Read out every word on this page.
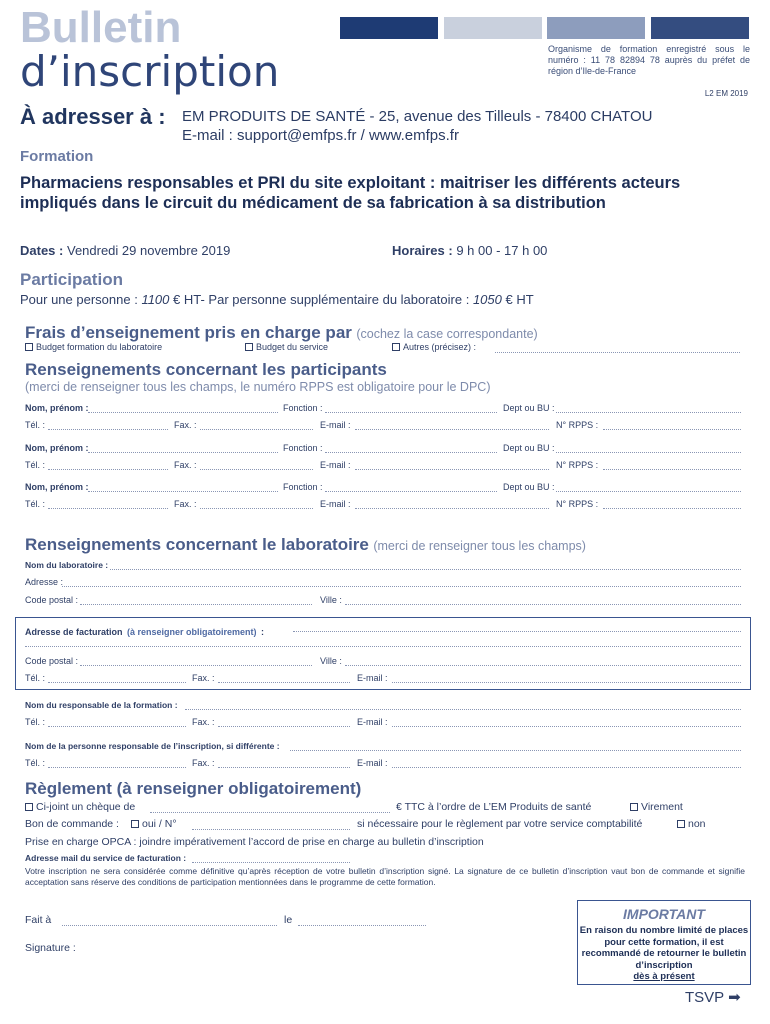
Bulletin
d’inscription	Organisme de formation enregistré sous le numéro : 11 78 82894 78 auprès du préfet de région d’Ile-de-France
L2 EM 2019
À adresser à : EM PRODUITS DE SANTÉ - 25, avenue des Tilleuls - 78400 CHATOU
E-mail : support@emfps.fr / www.emfps.fr
Formation
Pharmaciens responsables et PRI du site exploitant : maitriser les différents acteurs impliqués dans le circuit du médicament de sa fabrication à sa distribution
Dates : Vendredi 29 novembre 2019	Horaires : 9 h 00 - 17 h 00
Participation
Pour une personne : 1100 € HT- Par personne supplémentaire du laboratoire : 1050 € HT
Frais d’enseignement pris en charge par (cochez la case correspondante)
Budget formation du laboratoire	Budget du service	Autres (précisez) :
Renseignements concernant les participants
(merci de renseigner tous les champs, le numéro RPPS est obligatoire pour le DPC)
Nom, prénom :	Fonction :	Dept ou BU :
Tél. :	Fax. :	E-mail :	N° RPPS :
Nom, prénom :	Fonction :	Dept ou BU :
Tél. :	Fax. :	E-mail :	N° RPPS :
Nom, prénom :	Fonction :	Dept ou BU :
Tél. :	Fax. :	E-mail :	N° RPPS :
Renseignements concernant le laboratoire (merci de renseigner tous les champs)
Nom du laboratoire :
Adresse :
Code postal :	Ville :
Adresse de facturation (à renseigner obligatoirement) :
Code postal :	Ville :
Tél. :	Fax. :	E-mail :
Nom du responsable de la formation :
Tél. :	Fax. :	E-mail :
Nom de la personne responsable de l’inscription, si différente :
Tél. :	Fax. :	E-mail :
Règlement (à renseigner obligatoirement)
Ci-joint un chèque de	€ TTC à l’ordre de L’EM Produits de santé	Virement
Bon de commande :	oui / N°	si nécessaire pour le règlement par votre service comptabilité	non
Prise en charge OPCA : joindre impérativement l’accord de prise en charge au bulletin d’inscription
Adresse mail du service de facturation :
Votre inscription ne sera considérée comme définitive qu’après réception de votre bulletin d’inscription signé. La signature de ce bulletin d’inscription vaut bon de commande et signifie acceptation sans réserve des conditions de participation mentionnées dans le programme de cette formation.
Fait à	le
Signature :
IMPORTANT
En raison du nombre limité de places pour cette formation, il est recommandé de retourner le bulletin d’inscription
dès à présent
TSVP ➡
